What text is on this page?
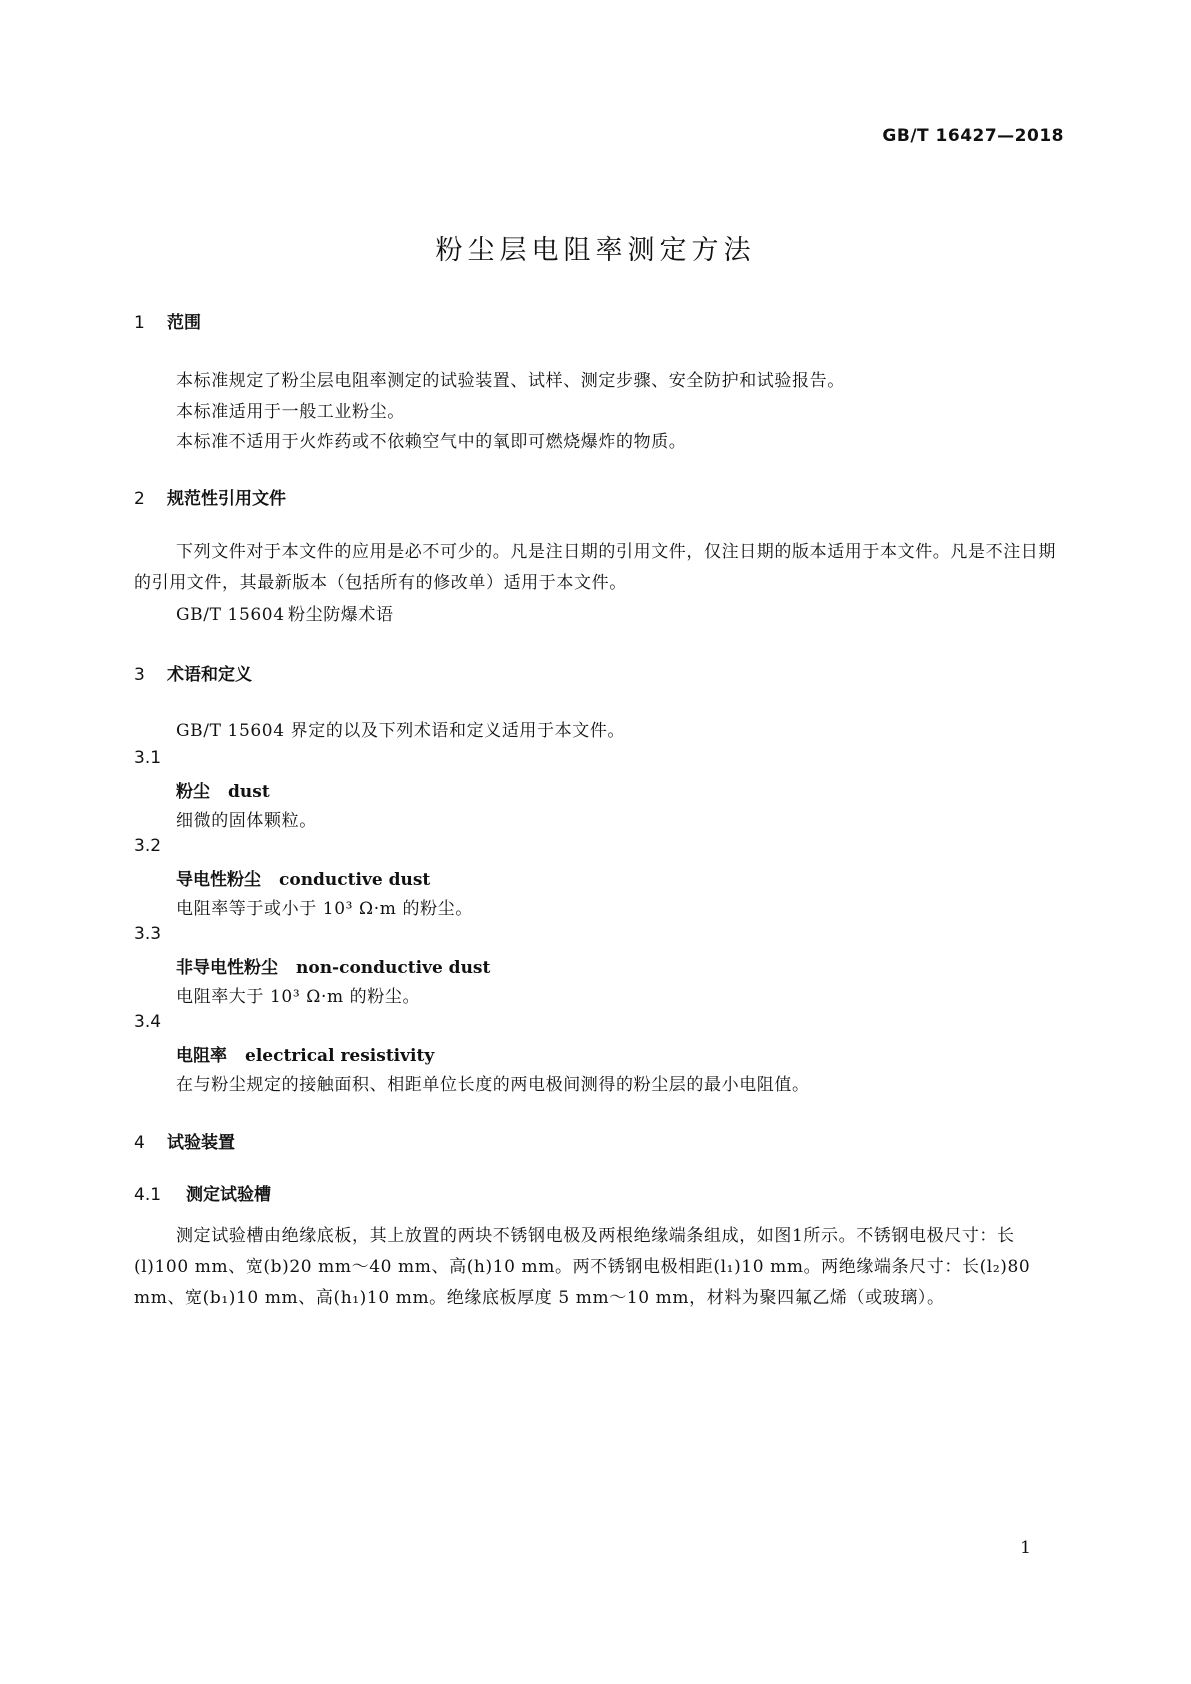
GB/T 16427—2018
粉尘层电阻率测定方法
1 范围
本标准规定了粉尘层电阻率测定的试验装置、试样、测定步骤、安全防护和试验报告。
本标准适用于一般工业粉尘。
本标准不适用于火炸药或不依赖空气中的氧即可燃烧爆炸的物质。
2 规范性引用文件
下列文件对于本文件的应用是必不可少的。凡是注日期的引用文件，仅注日期的版本适用于本文件。凡是不注日期的引用文件，其最新版本（包括所有的修改单）适用于本文件。
GB/T 15604 粉尘防爆术语
3 术语和定义
GB/T 15604 界定的以及下列术语和定义适用于本文件。
3.1
粉尘 dust
细微的固体颗粒。
3.2
导电性粉尘 conductive dust
电阻率等于或小于 10³ Ω·m 的粉尘。
3.3
非导电性粉尘 non-conductive dust
电阻率大于 10³ Ω·m 的粉尘。
3.4
电阻率 electrical resistivity
在与粉尘规定的接触面积、相距单位长度的两电极间测得的粉尘层的最小电阻值。
4 试验装置
4.1 测定试验槽
测定试验槽由绝缘底板，其上放置的两块不锈钢电极及两根绝缘端条组成，如图1所示。不锈钢电极尺寸：长(l)100 mm、宽(b)20 mm～40 mm、高(h)10 mm。两不锈钢电极相距(l₁)10 mm。两绝缘端条尺寸：长(l₂)80 mm、宽(b₁)10 mm、高(h₁)10 mm。绝缘底板厚度 5 mm～10 mm，材料为聚四氟乙烯（或玻璃）。
1
